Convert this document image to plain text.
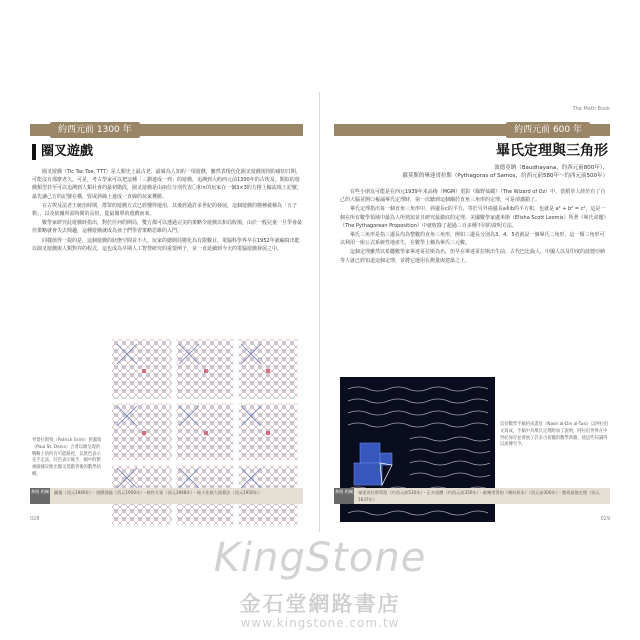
約西元前 1300 年
圈叉遊戲

圈叉遊戲（Tic Tac Toe, TTT）是人類史上最古老、最廣為人知的一項遊戲，雖然表現代化圈叉遊戲規則的確切日期，可能沒有那麼老久，可是，考古學家可以把這種「三劃連成一列」的遊戲，追溯到大約西元前1300年的古埃及。類似的遊戲類型甚至可以追溯到人類社會的最初階段，圈叉遊戲是由兩位分別代表〇和×的玩家在一個3×3的方格上輪流填上記號，最先讓己方的記號在橫、豎或斜線上連成一直線的玩家獲勝。

在古埃及法老王統治時期，群眾的遊戲方式已經懂得運用，其後經過許多世紀的發展，這個遊戲的變種被稱為「五子棋」，以及依據所需時間的長短，從最簡單的遊戲而來。

數學家研究此遊戲時指出，對於任何的開局，雙方都可以透過完美的策略令遊戲以和局收場，由於一般兒童一旦學會最佳策略就會失去興趣，這種遊戲就成為孩子們學習策略思維的入門。

同樣值得一提的是，這個遊戲的狀態空間並不大，玩家的總開局變化為有限數目，電腦科學界早在1952年就編寫出能以圈叉遊戲與人類對弈的程式，這也成為早期人工智慧研究的重要例子，並一直延續到今天的電腦遊戲發展之中。

考督拉斯特（Patrick Grim）與蓋瑞（Paul St. Denis）合著以圖呈現的戰略上的所有可能路徑，以黑色表示先手走法，紅色表示後手，圖中的繁複圖樣反映出圈叉遊戲背後的數學結構。
參照 相關 圖靈（西元1940年）・遊戲理論（西元1950年）・極性方案（西元1948年）・極小化極大演算法（西元1950年）
028
The Math Book
約西元前 600 年
畢氏定理與三角形
波德亞納（Baudhayana，約西元前800年），
薩莫斯的畢達哥拉斯（Pythagoras of Samos，約西元前580年～約西元前500年）

有些小朋友可能是在西元1939年米高梅（MGM）電影《綠野仙蹤》（The Wizard of Oz）中，當稻草人終於有了自己的大腦並開口複誦畢氏定理時，第一次聽到這個關於直角三角形的定理，可是卻講錯了。

畢氏定理指出每一個直角三角形中，斜邊長c的平方，等於另外兩邊長a和b的平方和，也就是 a² + b² = c²，這是一個在所有數學領域中最為人所熟知並且研究最徹底的定理。美國數學家盧米斯（Elisha Scott Loomis）所著《畢氏命題》（The Pythagorean Proposition）中就收錄了超過三百多種不同的證明方法。

畢氏三角形是指三邊長均為整數的直角三角形，例如三邊長分別為3、4、5者就是一個畢氏三角形，這一類三角形可以利用一組公式系統性地產生，在數學上稱為畢氏三元數。

這個定理雖然以希臘數學家畢達哥拉斯為名，但早在畢達哥拉斯出生前，古代巴比倫人、中國人以及印度的波德亞納等人就已經知道這個定理，並將它運用在測量與建築之上。

這份數學手稿約成書於（Nasir al-Din al-Tusi）以阿拉伯文寫成，手稿中為畢氏定理附加了說明，阿拉伯世界在中世紀保存並發展了許多古希臘的數學典籍，使這些知識得以流傳至今。
參照 相關 畢達哥拉斯學派（約西元前530年）・正多面體（約西元前350年）・歐幾里得的《幾何原本》（西元前300年）・費馬最後定理（西元1637年）
029
KingStone
金石堂網路書店
www.kingstone.com.tw
